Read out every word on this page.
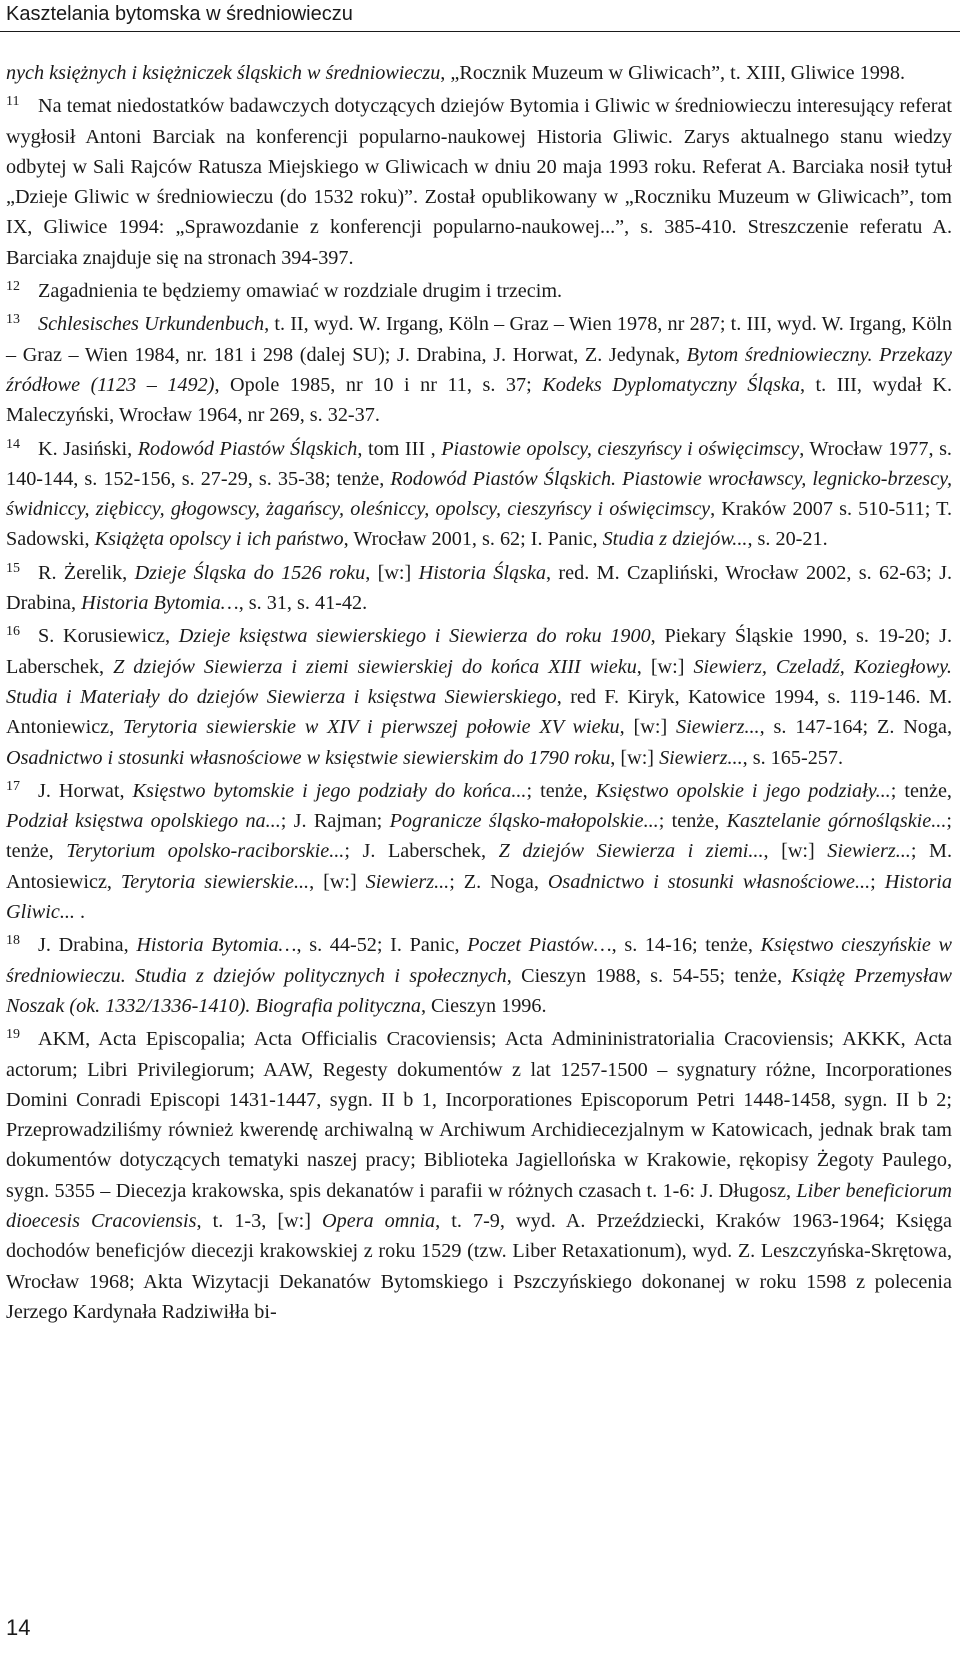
Kasztelania bytomska w średniowieczu

nych księżnych i księżniczek śląskich w średniowieczu, „Rocznik Muzeum w Gliwicach”, t. XIII, Gliwice 1998.

11 Na temat niedostatków badawczych dotyczących dziejów Bytomia i Gliwic w średniowieczu interesujący referat wygłosił Antoni Barciak na konferencji popularno-naukowej Historia Gliwic. Zarys aktualnego stanu wiedzy odbytej w Sali Rajców Ratusza Miejskiego w Gliwicach w dniu 20 maja 1993 roku. Referat A. Barciaka nosił tytuł „Dzieje Gliwic w średniowieczu (do 1532 roku)”. Został opublikowany w „Roczniku Muzeum w Gliwicach”, tom IX, Gliwice 1994: „Sprawozdanie z konferencji popularno-naukowej...”, s. 385-410. Streszczenie referatu A. Barciaka znajduje się na stronach 394-397.

12 Zagadnienia te będziemy omawiać w rozdziale drugim i trzecim.

13 Schlesisches Urkundenbuch, t. II, wyd. W. Irgang, Köln – Graz – Wien 1978, nr 287; t. III, wyd. W. Irgang, Köln – Graz – Wien 1984, nr. 181 i 298 (dalej SU); J. Drabina, J. Horwat, Z. Jedynak, Bytom średniowieczny. Przekazy źródłowe (1123 – 1492), Opole 1985, nr 10 i nr 11, s. 37; Kodeks Dyplomatyczny Śląska, t. III, wydał K. Maleczyński, Wrocław 1964, nr 269, s. 32-37.

14 K. Jasiński, Rodowód Piastów Śląskich, tom III , Piastowie opolscy, cieszyńscy i oświęcimscy, Wrocław 1977, s. 140-144, s. 152-156, s. 27-29, s. 35-38; tenże, Rodowód Piastów Śląskich. Piastowie wrocławscy, legnicko-brzescy, świdniccy, ziębiccy, głogowscy, żagańscy, oleśniccy, opolscy, cieszyńscy i oświęcimscy, Kraków 2007 s. 510-511; T. Sadowski, Książęta opolscy i ich państwo, Wrocław 2001, s. 62; I. Panic, Studia z dziejów..., s. 20-21.

15 R. Żerelik, Dzieje Śląska do 1526 roku, [w:] Historia Śląska, red. M. Czapliński, Wrocław 2002, s. 62-63; J. Drabina, Historia Bytomia…, s. 31, s. 41-42.

16 S. Korusiewicz, Dzieje księstwa siewierskiego i Siewierza do roku 1900, Piekary Śląskie 1990, s. 19-20; J. Laberschek, Z dziejów Siewierza i ziemi siewierskiej do końca XIII wieku, [w:] Siewierz, Czeladź, Koziegłowy. Studia i Materiały do dziejów Siewierza i księstwa Siewierskiego, red F. Kiryk, Katowice 1994, s. 119-146. M. Antoniewicz, Terytoria siewierskie w XIV i pierwszej połowie XV wieku, [w:] Siewierz..., s. 147-164; Z. Noga, Osadnictwo i stosunki własnościowe w księstwie siewierskim do 1790 roku, [w:] Siewierz..., s. 165-257.

17 J. Horwat, Księstwo bytomskie i jego podziały do końca...; tenże, Księstwo opolskie i jego podziały...; tenże, Podział księstwa opolskiego na...; J. Rajman; Pogranicze śląsko-małopolskie...; tenże, Kasztelanie górnośląskie...; tenże, Terytorium opolsko-raciborskie...; J. Laberschek, Z dziejów Siewierza i ziemi..., [w:] Siewierz...; M. Antosiewicz, Terytoria siewierskie..., [w:] Siewierz...; Z. Noga, Osadnictwo i stosunki własnościowe...; Historia Gliwic... .

18 J. Drabina, Historia Bytomia…, s. 44-52; I. Panic, Poczet Piastów…, s. 14-16; tenże, Księstwo cieszyńskie w średniowieczu. Studia z dziejów politycznych i społecznych, Cieszyn 1988, s. 54-55; tenże, Książę Przemysław Noszak (ok. 1332/1336-1410). Biografia polityczna, Cieszyn 1996.

19 AKM, Acta Episcopalia; Acta Officialis Cracoviensis; Acta Admininistratorialia Cracoviensis; AKKK, Acta actorum; Libri Privilegiorum; AAW, Regesty dokumentów z lat 1257-1500 – sygnatury różne, Incorporationes Domini Conradi Episcopi 1431-1447, sygn. II b 1, Incorporationes Episcoporum Petri 1448-1458, sygn. II b 2; Przeprowadziliśmy również kwerendę archiwalną w Archiwum Archidiecezjalnym w Katowicach, jednak brak tam dokumentów dotyczących tematyki naszej pracy; Biblioteka Jagiellońska w Krakowie, rękopisy Żegoty Paulego, sygn. 5355 – Diecezja krakowska, spis dekanatów i parafii w różnych czasach t. 1-6: J. Długosz, Liber beneficiorum dioecesis Cracoviensis, t. 1-3, [w:] Opera omnia, t. 7-9, wyd. A. Przeździecki, Kraków 1963-1964; Księga dochodów beneficjów diecezji krakowskiej z roku 1529 (tzw. Liber Retaxationum), wyd. Z. Leszczyńska-Skrętowa, Wrocław 1968; Akta Wizytacji Dekanatów Bytomskiego i Pszczyńskiego dokonanej w roku 1598 z polecenia Jerzego Kardynała Radziwiłła bi-

14
